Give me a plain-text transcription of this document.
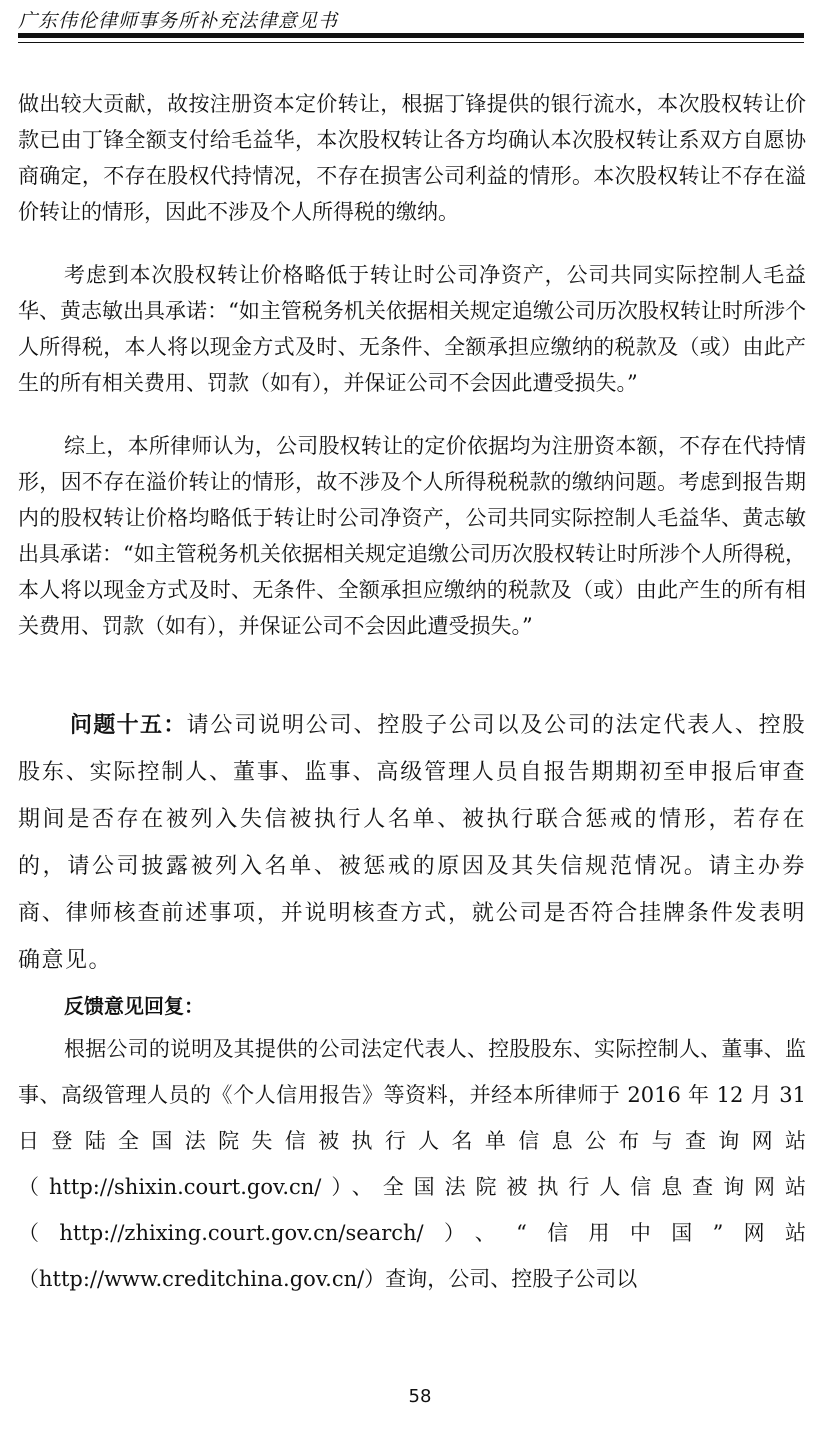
广东伟伦律师事务所补充法律意见书

做出较大贡献，故按注册资本定价转让，根据丁锋提供的银行流水，本次股权转让价款已由丁锋全额支付给毛益华，本次股权转让各方均确认本次股权转让系双方自愿协商确定，不存在股权代持情况，不存在损害公司利益的情形。本次股权转让不存在溢价转让的情形，因此不涉及个人所得税的缴纳。

考虑到本次股权转让价格略低于转让时公司净资产，公司共同实际控制人毛益华、黄志敏出具承诺：“如主管税务机关依据相关规定追缴公司历次股权转让时所涉个人所得税，本人将以现金方式及时、无条件、全额承担应缴纳的税款及（或）由此产生的所有相关费用、罚款（如有），并保证公司不会因此遭受损失。”

综上，本所律师认为，公司股权转让的定价依据均为注册资本额，不存在代持情形，因不存在溢价转让的情形，故不涉及个人所得税税款的缴纳问题。考虑到报告期内的股权转让价格均略低于转让时公司净资产，公司共同实际控制人毛益华、黄志敏出具承诺：“如主管税务机关依据相关规定追缴公司历次股权转让时所涉个人所得税，本人将以现金方式及时、无条件、全额承担应缴纳的税款及（或）由此产生的所有相关费用、罚款（如有），并保证公司不会因此遭受损失。”

问题十五：请公司说明公司、控股子公司以及公司的法定代表人、控股股东、实际控制人、董事、监事、高级管理人员自报告期期初至申报后审查期间是否存在被列入失信被执行人名单、被执行联合惩戒的情形，若存在的，请公司披露被列入名单、被惩戒的原因及其失信规范情况。请主办券商、律师核查前述事项，并说明核查方式，就公司是否符合挂牌条件发表明确意见。

反馈意见回复：

根据公司的说明及其提供的公司法定代表人、控股股东、实际控制人、董事、监事、高级管理人员的《个人信用报告》等资料，并经本所律师于 2016 年 12 月 31 日登陆全国法院失信被执行人名单信息公布与查询网站（http://shixin.court.gov.cn/）、全国法院被执行人信息查询网站（http://zhixing.court.gov.cn/search/）、“信用中国”网站（http://www.creditchina.gov.cn/）查询，公司、控股子公司以

58
